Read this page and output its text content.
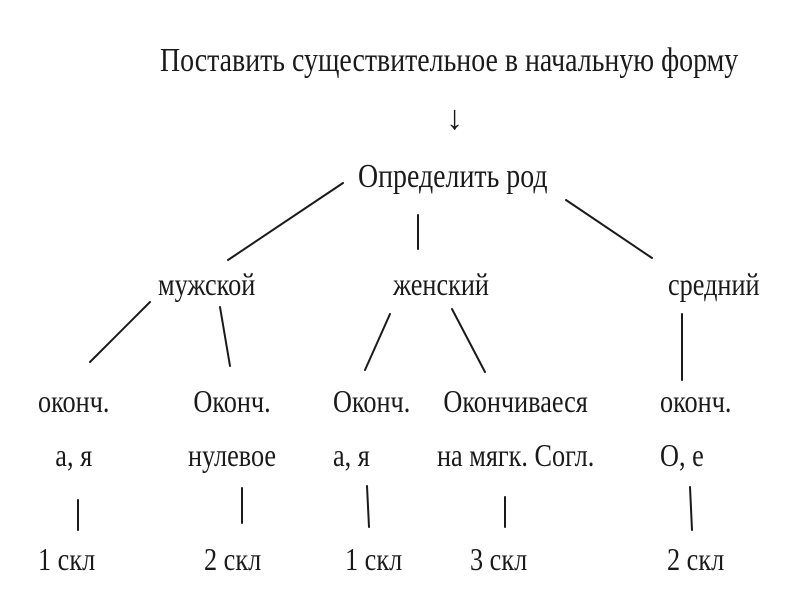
Поставить существительное в начальную форму
↓
Определить род
мужской	женский	средний
оконч.
а, я
Оконч.
нулевое
Оконч.
а, я
Окончиваеся
на мягк. Согл.
оконч.
О, е
1 скл	2 скл	1 скл 3 скл	2 скл
